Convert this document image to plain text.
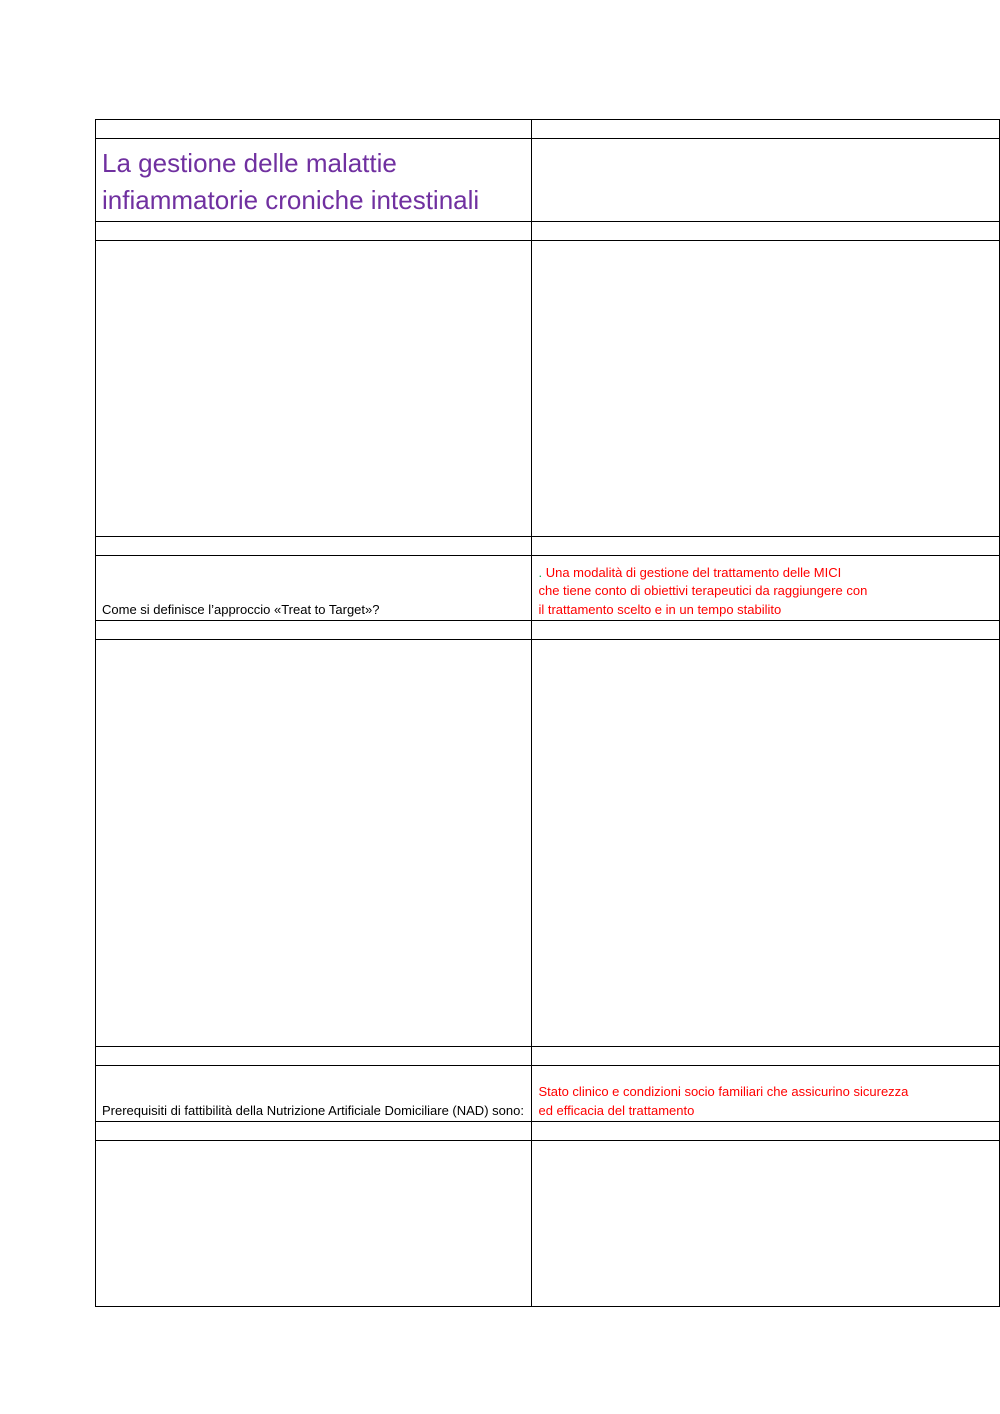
La gestione delle malattie
infiammatorie croniche intestinali	

Come si definisce l’approccio «Treat to Target»?	. Una modalità di gestione del trattamento delle MICI
che tiene conto di obiettivi terapeutici da raggiungere con
il trattamento scelto e in un tempo stabilito

Prerequisiti di fattibilità della Nutrizione Artificiale Domiciliare (NAD) sono:	Stato clinico e condizioni socio familiari che assicurino sicurezza
ed efficacia del trattamento
